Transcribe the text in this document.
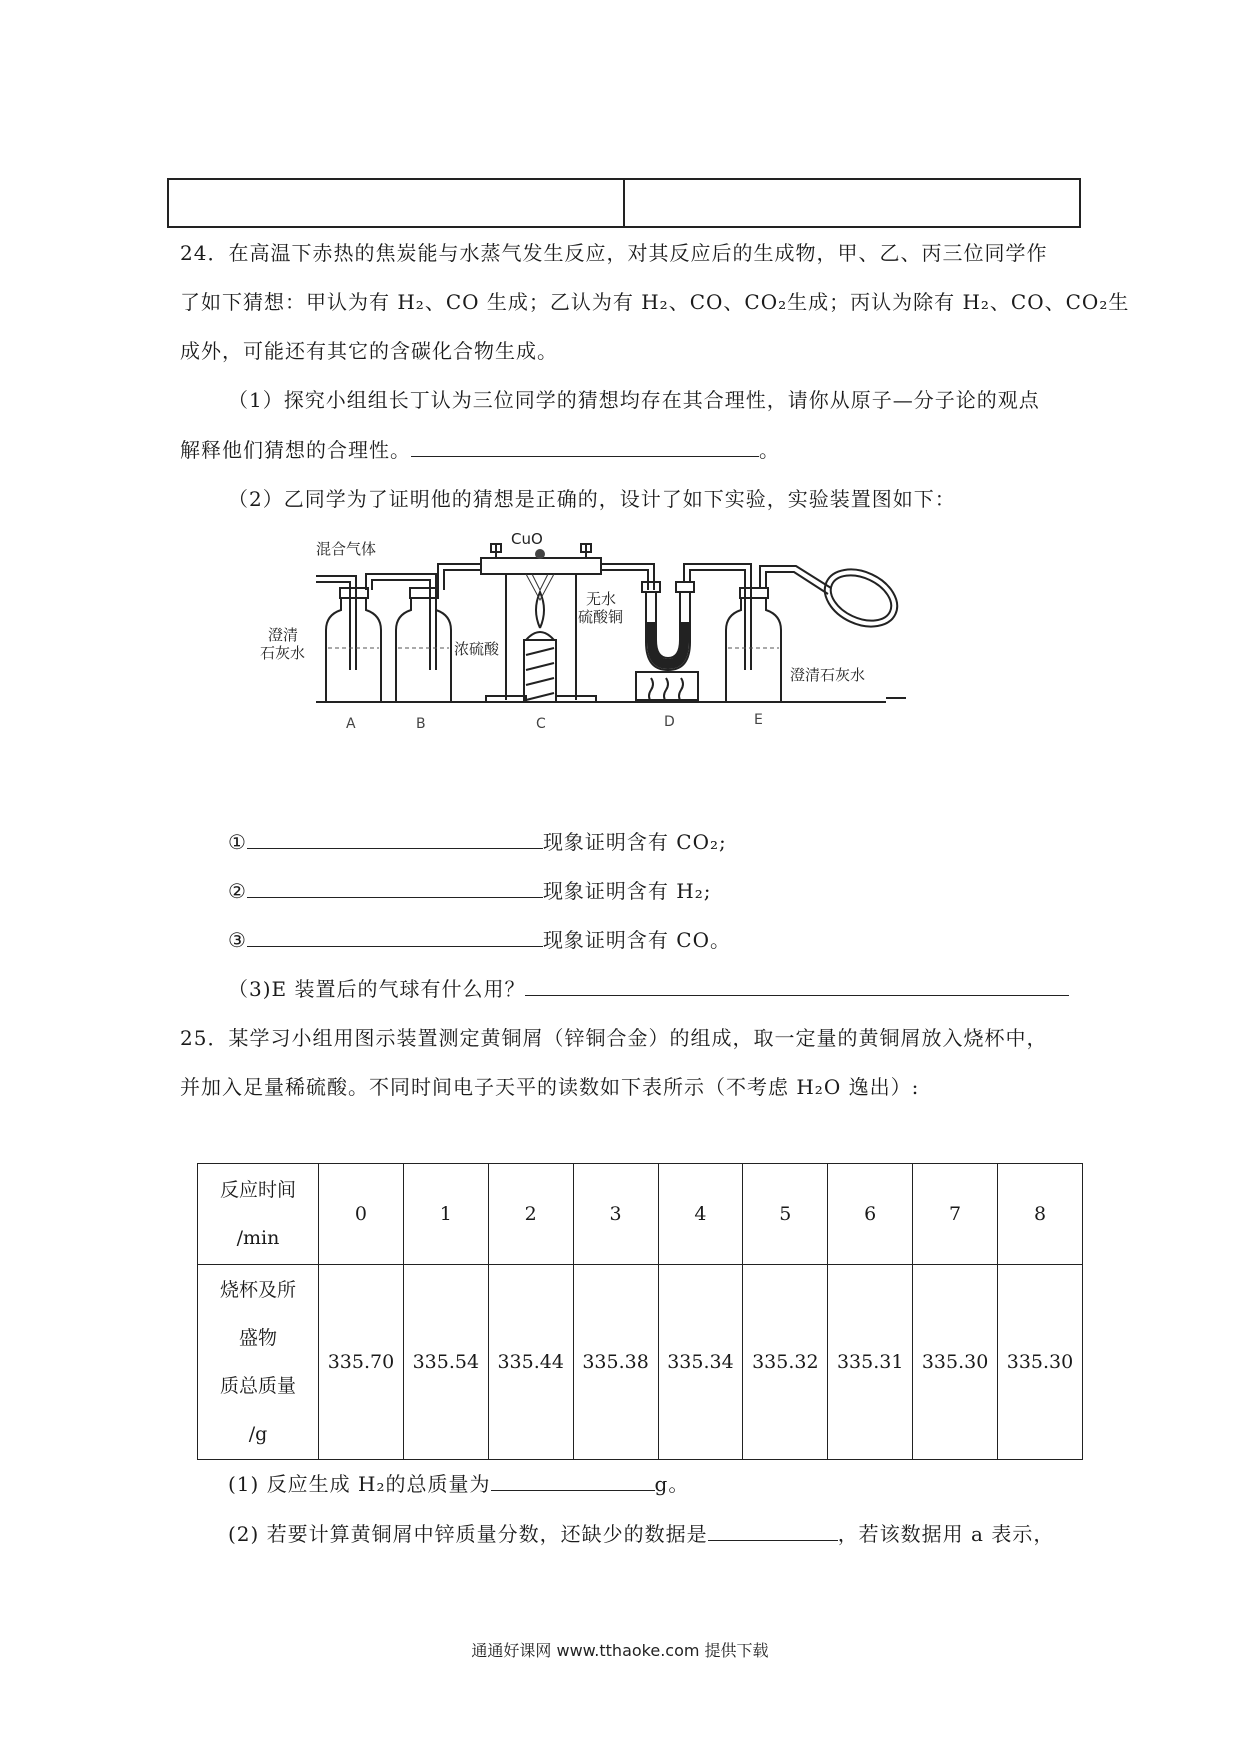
24．在高温下赤热的焦炭能与水蒸气发生反应，对其反应后的生成物，甲、乙、丙三位同学作
了如下猜想：甲认为有 H₂、CO 生成；乙认为有 H₂、CO、CO₂生成；丙认为除有 H₂、CO、CO₂生
成外，可能还有其它的含碳化合物生成。
（1）探究小组组长丁认为三位同学的猜想均存在其合理性，请你从原子—分子论的观点
解释他们猜想的合理性。	。
（2）乙同学为了证明他的猜想是正确的，设计了如下实验，实验装置图如下：
混合气体
CuO
澄清
石灰水	浓硫酸
无水
硫酸铜
澄清石灰水
A	B	C	D	E
①	现象证明含有 CO₂;
②	现象证明含有 H₂;
③	现象证明含有 CO。
（3)E 装置后的气球有什么用？
25．某学习小组用图示装置测定黄铜屑（锌铜合金）的组成，取一定量的黄铜屑放入烧杯中，
并加入足量稀硫酸。不同时间电子天平的读数如下表所示（不考虑 H₂O 逸出）:
反应时间
/min	0	1	2	3	4	5	6	7	8

烧杯及所
盛物
质总质量
/g	335.70	335.54	335.44	335.38	335.34	335.32	335.31	335.30	335.30
(1) 反应生成 H₂的总质量为	g。
(2) 若要计算黄铜屑中锌质量分数，还缺少的数据是	，若该数据用 a 表示，
通通好课网 www.tthaoke.com 提供下载
